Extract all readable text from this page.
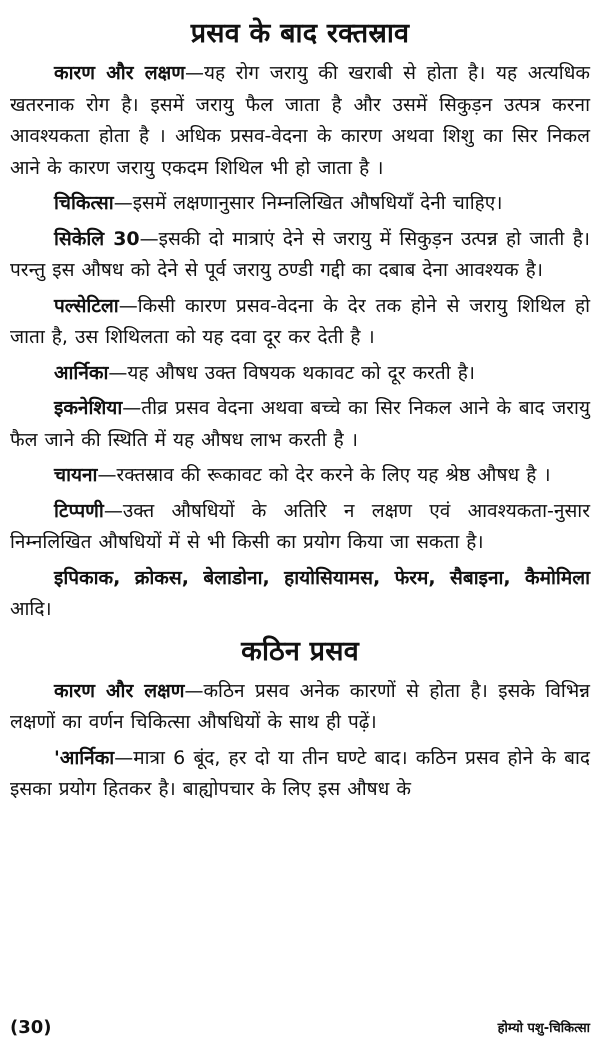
प्रसव के बाद रक्तस्राव

कारण और लक्षण—यह रोग जरायु की खराबी से होता है। यह अत्यधिक खतरनाक रोग है। इसमें जरायु फैल जाता है और उसमें सिकुड़न उत्पत्र करना आवश्यकता होता है । अधिक प्रसव-वेदना के कारण अथवा शिशु का सिर निकल आने के कारण जरायु एकदम शिथिल भी हो जाता है ।

चिकित्सा—इसमें लक्षणानुसार निम्नलिखित औषधियाँ देनी चाहिए।

सिकेलि 30—इसकी दो मात्राएं देने से जरायु में सिकुड़न उत्पन्न हो जाती है। परन्तु इस औषध को देने से पूर्व जरायु ठण्डी गद्दी का दबाब देना आवश्यक है।

पल्सेटिला—किसी कारण प्रसव-वेदना के देर तक होने से जरायु शिथिल हो जाता है, उस शिथिलता को यह दवा दूर कर देती है ।

आर्निका—यह औषध उक्त विषयक थकावट को दूर करती है।

इकनेशिया—तीव्र प्रसव वेदना अथवा बच्चे का सिर निकल आने के बाद जरायु फैल जाने की स्थिति में यह औषध लाभ करती है ।

चायना—रक्तस्राव की रूकावट को देर करने के लिए यह श्रेष्ठ औषध है ।

टिप्पणी—उक्त औषधियों के अतिरि न लक्षण एवं आवश्यकता-नुसार निम्नलिखित औषधियों में से भी किसी का प्रयोग किया जा सकता है।

इपिकाक, क्रोकस, बेलाडोना, हायोसियामस, फेरम, सैबाइना, कैमोमिला आदि।

कठिन प्रसव

कारण और लक्षण—कठिन प्रसव अनेक कारणों से होता है। इसके विभिन्न लक्षणों का वर्णन चिकित्सा औषधियों के साथ ही पढ़ें।

'आर्निका—मात्रा 6 बूंद, हर दो या तीन घण्टे बाद। कठिन प्रसव होने के बाद इसका प्रयोग हितकर है। बाह्योपचार के लिए इस औषध के

(30)	होम्यो पशु-चिकित्सा
